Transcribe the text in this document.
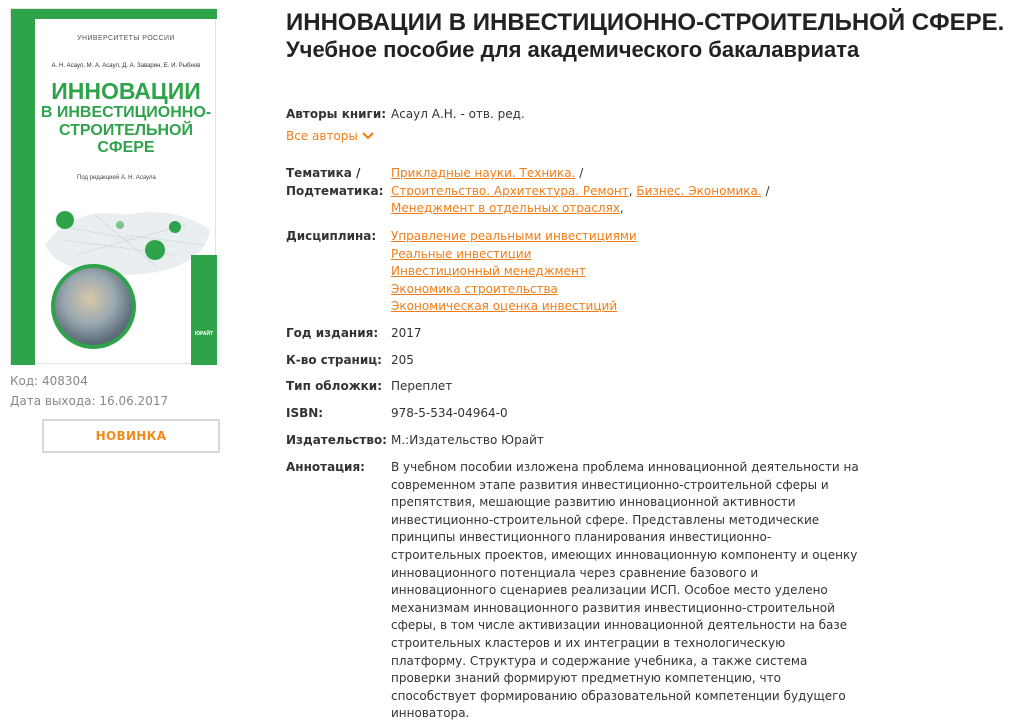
УНИВЕРСИТЕТЫ РОССИИ
А. Н. Асаул, М. А. Асаул, Д. А. Заварин, Е. И. Рыбнов
ИННОВАЦИИ
В ИНВЕСТИЦИОННО-
СТРОИТЕЛЬНОЙ СФЕРЕ
Под редакцией А. Н. Асаула
ЮРАЙТ
Код: 408304
Дата выхода: 16.06.2017
НОВИНКА
ИННОВАЦИИ В ИНВЕСТИЦИОННО-СТРОИТЕЛЬНОЙ СФЕРЕ.
Учебное пособие для академического бакалавриата
Авторы книги: Асаул А.Н. - отв. ред.
Все авторы
Тематика /
Подтематика:
Прикладные науки. Техника. /
Строительство. Архитектура. Ремонт, Бизнес. Экономика. /
Менеджмент в отдельных отраслях,
Дисциплина: Управление реальными инвестициями
Реальные инвестиции
Инвестиционный менеджмент
Экономика строительства
Экономическая оценка инвестиций
Год издания: 2017
К-во страниц: 205
Тип обложки: Переплет
ISBN:	978-5-534-04964-0
Издательство: М.:Издательство Юрайт
Аннотация: В учебном пособии изложена проблема инновационной деятельности на современном этапе развития инвестиционно-строительной сферы и препятствия, мешающие развитию инновационной активности инвестиционно-строительной сфере. Представлены методические принципы инвестиционного планирования инвестиционно-строительных проектов, имеющих инновационную компоненту и оценку инновационного потенциала через сравнение базового и инновационного сценариев реализации ИСП. Особое место уделено механизмам инновационного развития инвестиционно-строительной сферы, в том числе активизации инновационной деятельности на базе строительных кластеров и их интеграции в технологическую платформу. Структура и содержание учебника, а также система проверки знаний формируют предметную компетенцию, что способствует формированию образовательной компетенции будущего инноватора.
